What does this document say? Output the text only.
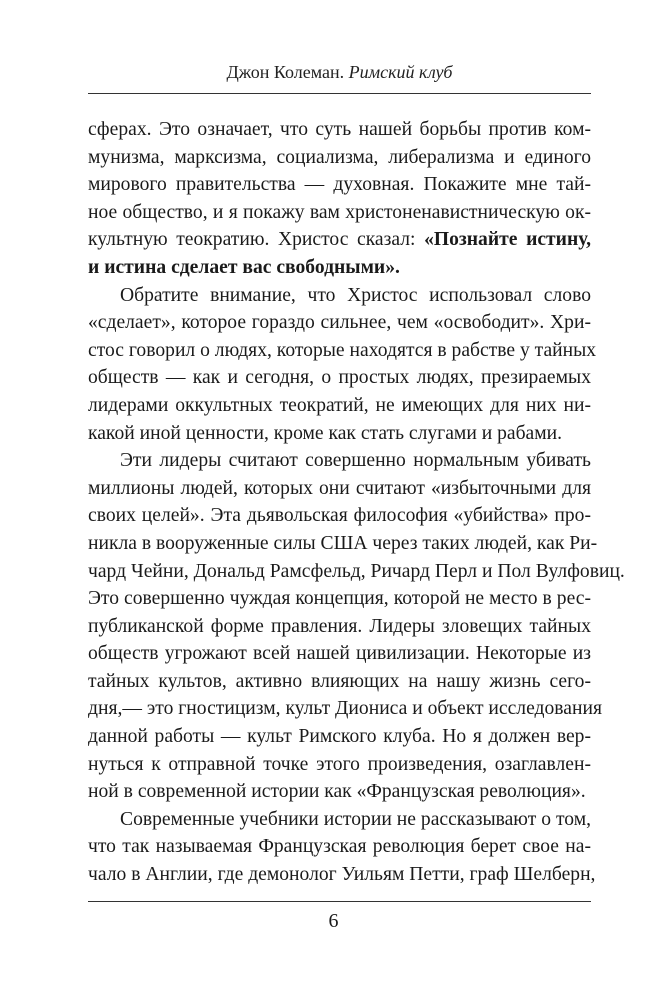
Джон Колеман. Римский клуб
сферах. Это означает, что суть нашей борьбы против ком-
мунизма, марксизма, социализма, либерализма и единого
мирового правительства — духовная. Покажите мне тай-
ное общество, и я покажу вам христоненавистническую ок-
культную теократию. Христос сказал: «Познайте истину,
и истина сделает вас свободными».
Обратите внимание, что Христос использовал слово
«сделает», которое гораздо сильнее, чем «освободит». Хри-
стос говорил о людях, которые находятся в рабстве у тайных
обществ — как и сегодня, о простых людях, презираемых
лидерами оккультных теократий, не имеющих для них ни-
какой иной ценности, кроме как стать слугами и рабами.
Эти лидеры считают совершенно нормальным убивать
миллионы людей, которых они считают «избыточными для
своих целей». Эта дьявольская философия «убийства» про-
никла в вооруженные силы США через таких людей, как Ри-
чард Чейни, Дональд Рамсфельд, Ричард Перл и Пол Вулфовиц.
Это совершенно чуждая концепция, которой не место в рес-
публиканской форме правления. Лидеры зловещих тайных
обществ угрожают всей нашей цивилизации. Некоторые из
тайных культов, активно влияющих на нашу жизнь сего-
дня,— это гностицизм, культ Диониса и объект исследования
данной работы — культ Римского клуба. Но я должен вер-
нуться к отправной точке этого произведения, озаглавлен-
ной в современной истории как «Французская революция».
Современные учебники истории не рассказывают о том,
что так называемая Французская революция берет свое на-
чало в Англии, где демонолог Уильям Петти, граф Шелберн,
6
